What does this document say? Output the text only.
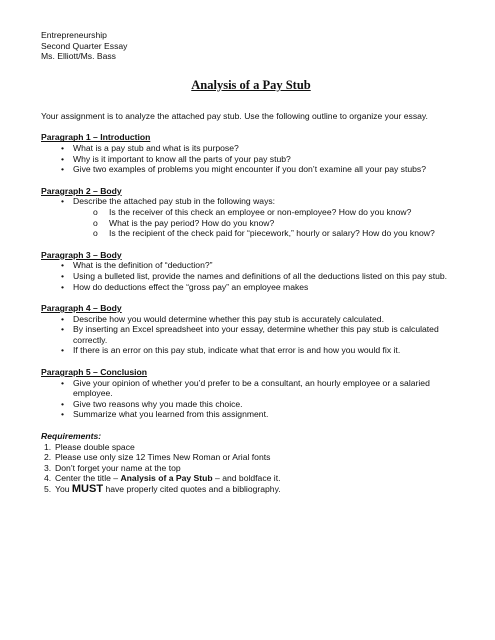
Entrepreneurship
Second Quarter Essay
Ms. Elliott/Ms. Bass

Analysis of a Pay Stub

Your assignment is to analyze the attached pay stub. Use the following outline to organize your essay.

Paragraph 1 – Introduction
• What is a pay stub and what is its purpose?
• Why is it important to know all the parts of your pay stub?
• Give two examples of problems you might encounter if you don’t examine all your pay stubs?
Paragraph 2 – Body
• Describe the attached pay stub in the following ways:
o Is the receiver of this check an employee or non-employee? How do you know?
o What is the pay period? How do you know?
o Is the recipient of the check paid for “piecework,” hourly or salary? How do you know?
Paragraph 3 – Body
• What is the definition of “deduction?”
• Using a bulleted list, provide the names and definitions of all the deductions listed on this pay stub.
• How do deductions effect the “gross pay” an employee makes
Paragraph 4 – Body
• Describe how you would determine whether this pay stub is accurately calculated.
• By inserting an Excel spreadsheet into your essay, determine whether this pay stub is calculated correctly.
• If there is an error on this pay stub, indicate what that error is and how you would fix it.
Paragraph 5 – Conclusion
• Give your opinion of whether you’d prefer to be a consultant, an hourly employee or a salaried employee.
• Give two reasons why you made this choice.
• Summarize what you learned from this assignment.
Requirements:
1. Please double space
2. Please use only size 12 Times New Roman or Arial fonts
3. Don’t forget your name at the top
4. Center the title – Analysis of a Pay Stub – and boldface it.
5. You MUST have properly cited quotes and a bibliography.
